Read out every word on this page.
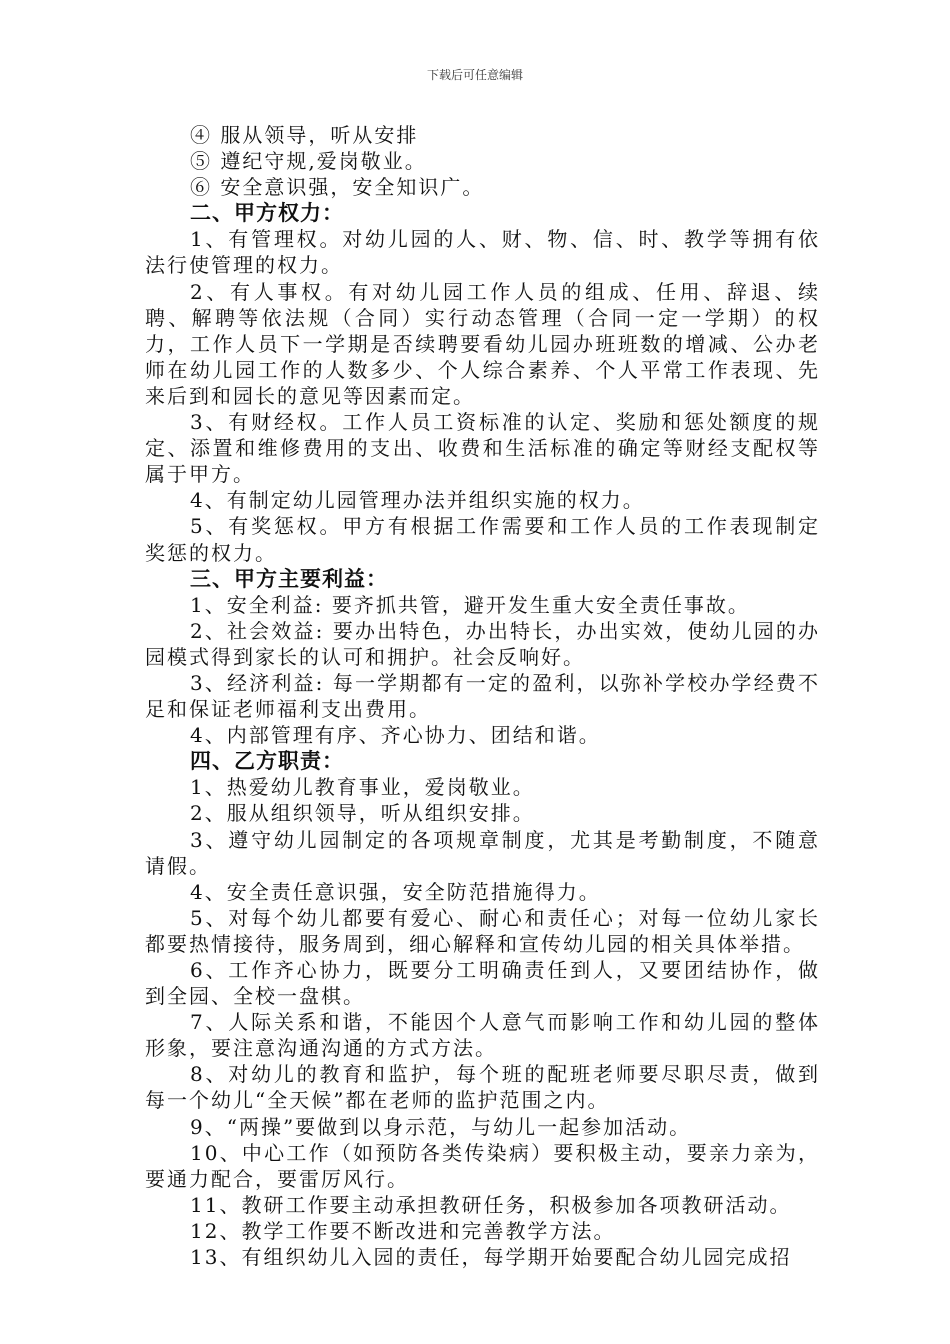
下载后可任意编辑

④ 服从领导，听从安排

⑤ 遵纪守规,爱岗敬业。

⑥ 安全意识强，安全知识广。

二、甲方权力：

1、有管理权。对幼儿园的人、财、物、信、时、教学等拥有依法行使管理的权力。

2、有人事权。有对幼儿园工作人员的组成、任用、辞退、续聘、解聘等依法规（合同）实行动态管理（合同一定一学期）的权力，工作人员下一学期是否续聘要看幼儿园办班班数的增减、公办老师在幼儿园工作的人数多少、个人综合素养、个人平常工作表现、先来后到和园长的意见等因素而定。

3、有财经权。工作人员工资标准的认定、奖励和惩处额度的规定、添置和维修费用的支出、收费和生活标准的确定等财经支配权等属于甲方。

4、有制定幼儿园管理办法并组织实施的权力。

5、有奖惩权。甲方有根据工作需要和工作人员的工作表现制定奖惩的权力。

三、甲方主要利益：

1、安全利益: 要齐抓共管，避开发生重大安全责任事故。

2、社会效益: 要办出特色，办出特长，办出实效，使幼儿园的办园模式得到家长的认可和拥护。社会反响好。

3、经济利益: 每一学期都有一定的盈利，以弥补学校办学经费不足和保证老师福利支出费用。

4、内部管理有序、齐心协力、团结和谐。

四、乙方职责：

1、热爱幼儿教育事业，爱岗敬业。

2、服从组织领导，听从组织安排。

3、遵守幼儿园制定的各项规章制度，尤其是考勤制度，不随意请假。

4、安全责任意识强，安全防范措施得力。

5、对每个幼儿都要有爱心、耐心和责任心；对每一位幼儿家长都要热情接待，服务周到，细心解释和宣传幼儿园的相关具体举措。

6、工作齐心协力，既要分工明确责任到人，又要团结协作，做到全园、全校一盘棋。

7、人际关系和谐，不能因个人意气而影响工作和幼儿园的整体形象，要注意沟通沟通的方式方法。

8、对幼儿的教育和监护，每个班的配班老师要尽职尽责，做到每一个幼儿“全天候”都在老师的监护范围之内。

9、“两操”要做到以身示范，与幼儿一起参加活动。

10、中心工作（如预防各类传染病）要积极主动，要亲力亲为，要通力配合，要雷厉风行。

11、教研工作要主动承担教研任务，积极参加各项教研活动。

12、教学工作要不断改进和完善教学方法。

13、有组织幼儿入园的责任，每学期开始要配合幼儿园完成招
